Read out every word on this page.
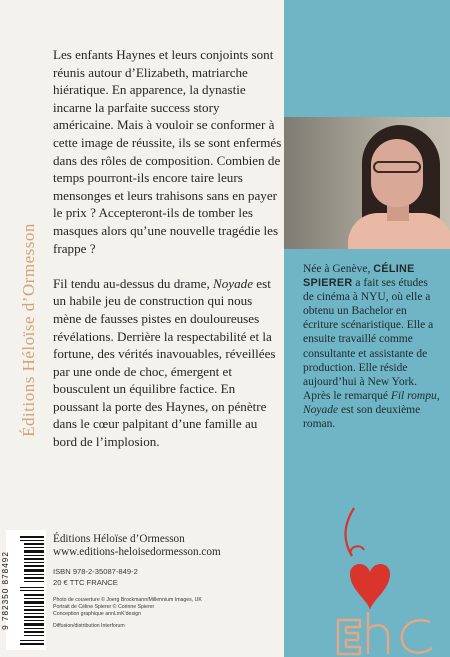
Éditions Héloïse d’Ormesson

Les enfants Haynes et leurs conjoints sont réunis autour d’Elizabeth, matriarche hiératique. En apparence, la dynastie incarne la parfaite success story américaine. Mais à vouloir se conformer à cette image de réussite, ils se sont enfermés dans des rôles de composition. Combien de temps pourront-ils encore taire leurs mensonges et leurs trahisons sans en payer le prix ? Accepteront-ils de tomber les masques alors qu’une nouvelle tragédie les frappe ?

Fil tendu au-dessus du drame, Noyade est un habile jeu de construction qui nous mène de fausses pistes en douloureuses révélations. Derrière la respectabilité et la fortune, des vérités inavouables, réveillées par une onde de choc, émergent et bousculent un équilibre factice. En poussant la porte des Haynes, on pénètre dans le cœur palpitant d’une famille au bord de l’implosion.

Née à Genève, CÉLINE SPIERER a fait ses études de cinéma à NYU, où elle a obtenu un Bachelor en écriture scénaristique. Elle a ensuite travaillé comme consultante et assistante de production. Elle réside aujourd’hui à New York. Après le remarqué Fil rompu, Noyade est son deuxième roman.
9 782350 878492
Éditions Héloïse d’Ormesson
www.editions-heloisedormesson.com
ISBN 978-2-35087-849-2
20 € TTC FRANCE
Photo de couverture © Joerg Brockmann/Millennium Images, UK
Portrait de Céline Spierer © Corinne Spierer
Conception graphique annLmK’design
Diffusion/distribution Interforum
